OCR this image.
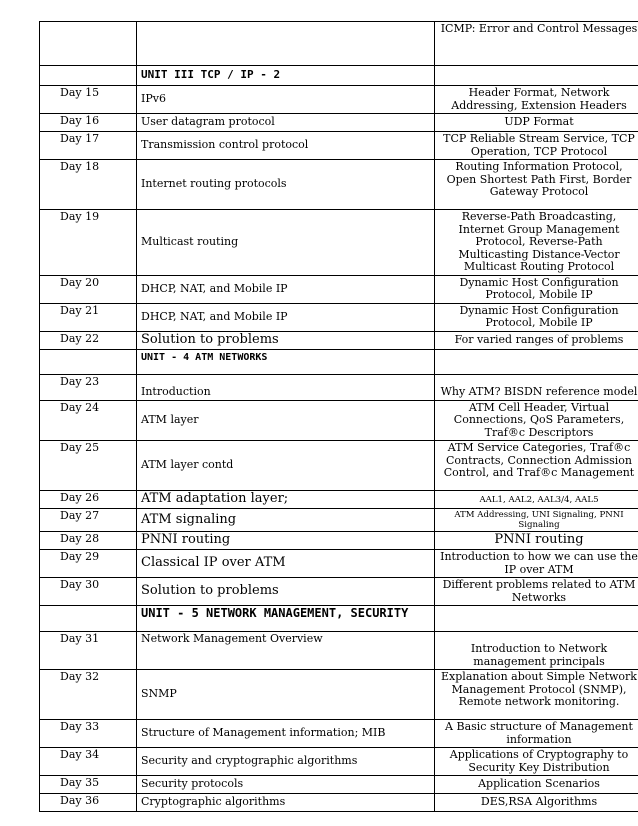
		ICMP: Error and Control Messages
	UNIT III TCP / IP - 2	
Day 15	IPv6	Header Format, Network Addressing, Extension Headers
Day 16	User datagram protocol	UDP Format
Day 17	Transmission control protocol	TCP Reliable Stream Service, TCP Operation, TCP Protocol
Day 18	Internet routing protocols	Routing Information Protocol, Open Shortest Path First, Border Gateway Protocol
Day 19	Multicast routing	Reverse-Path Broadcasting, Internet Group Management Protocol, Reverse-Path Multicasting Distance-Vector Multicast Routing Protocol
Day 20	DHCP, NAT, and Mobile IP	Dynamic Host Configuration Protocol, Mobile IP
Day 21	DHCP, NAT, and Mobile IP	Dynamic Host Configuration Protocol, Mobile IP
Day 22	Solution to problems	For varied ranges of problems
	UNIT - 4 ATM NETWORKS	
Day 23	Introduction	Why ATM? BISDN reference model
Day 24	ATM layer	ATM Cell Header, Virtual Connections, QoS Parameters, Traf®c Descriptors
Day 25	ATM layer contd	ATM Service Categories, Traf®c Contracts, Connection Admission Control, and Traf®c Management
Day 26	ATM adaptation layer;	AAL1, AAL2, AAL3/4, AAL5
Day 27	ATM signaling	ATM Addressing, UNI Signaling, PNNI Signaling
Day 28	PNNI routing	PNNI routing
Day 29	Classical IP over ATM	Introduction to how we can use the IP over ATM
Day 30	Solution to problems	Different problems related to ATM Networks
	UNIT - 5 NETWORK MANAGEMENT, SECURITY	
Day 31	Network Management Overview	Introduction to Network management principals
Day 32	SNMP	Explanation about Simple Network Management Protocol (SNMP), Remote network monitoring.
Day 33	Structure of Management information; MIB	A Basic structure of Management information
Day 34	Security and cryptographic algorithms	Applications of Cryptography to Security Key Distribution
Day 35	Security protocols	Application Scenarios
Day 36	Cryptographic algorithms	DES,RSA Algorithms
